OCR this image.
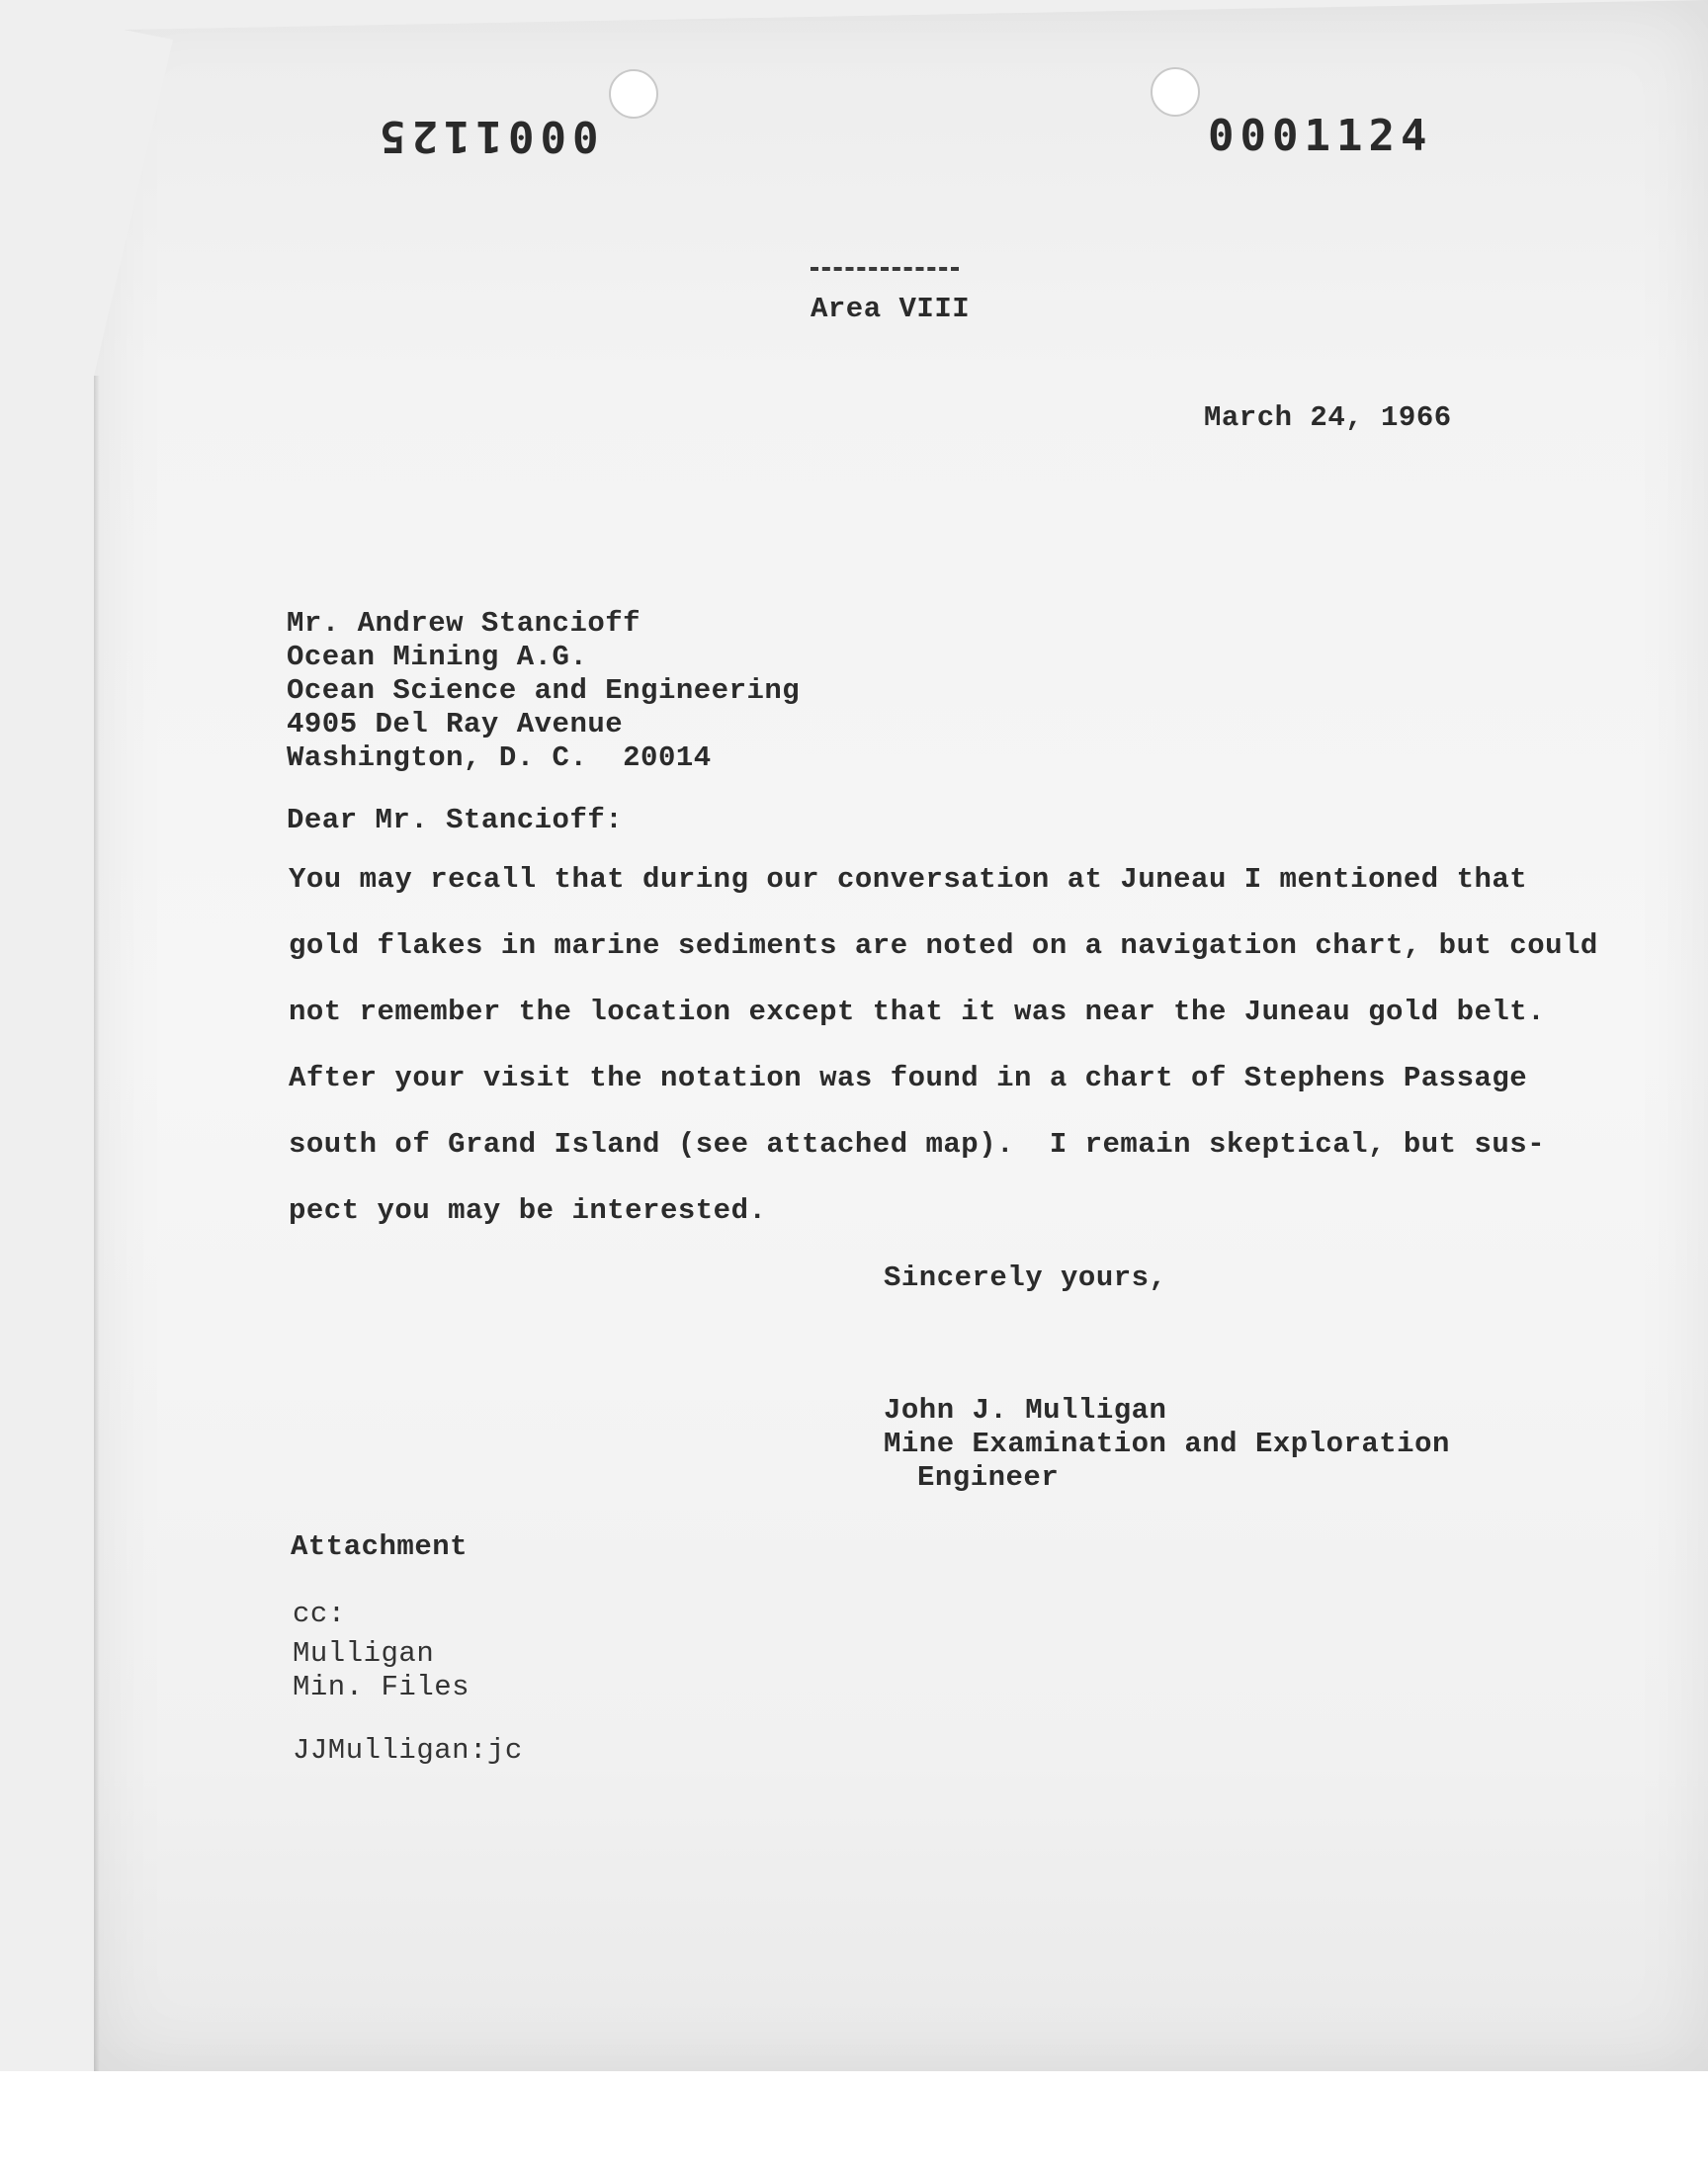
0001125	0001124
Area VIII
March 24, 1966
Mr. Andrew Stancioff
Ocean Mining A.G.
Ocean Science and Engineering
4905 Del Ray Avenue
Washington, D. C.  20014
Dear Mr. Stancioff:
You may recall that during our conversation at Juneau I mentioned that
gold flakes in marine sediments are noted on a navigation chart, but could
not remember the location except that it was near the Juneau gold belt.
After your visit the notation was found in a chart of Stephens Passage
south of Grand Island (see attached map).  I remain skeptical, but sus-
pect you may be interested.
Sincerely yours,
John J. Mulligan
Mine Examination and Exploration
Engineer
Attachment
cc:
Mulligan
Min. Files
JJMulligan:jc
